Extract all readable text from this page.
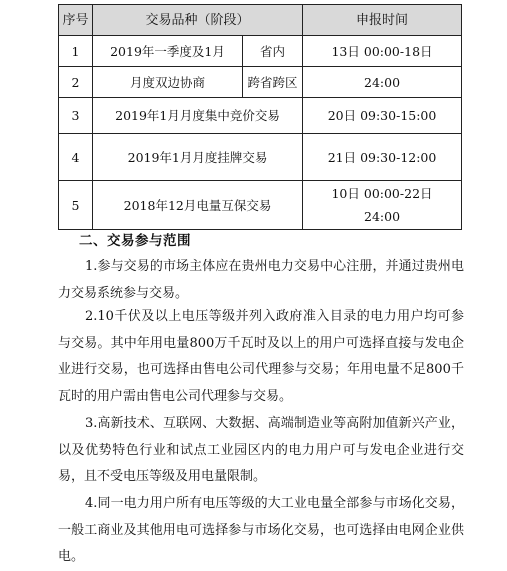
序号	交易品种（阶段）		申报时间
1	2019年一季度及1月	省内	13日 00:00-18日
2	月度双边协商	跨省跨区	24:00
3	2019年1月月度集中竞价交易		20日 09:30-15:00
4	2019年1月月度挂牌交易		21日 09:30-12:00
5	2018年12月电量互保交易		10日 00:00-22日
24:00
二、交易参与范围

1.参与交易的市场主体应在贵州电力交易中心注册，并通过贵州电力交易系统参与交易。

2.10千伏及以上电压等级并列入政府准入目录的电力用户均可参与交易。其中年用电量800万千瓦时及以上的用户可选择直接与发电企业进行交易，也可选择由售电公司代理参与交易；年用电量不足800千瓦时的用户需由售电公司代理参与交易。

3.高新技术、互联网、大数据、高端制造业等高附加值新兴产业，以及优势特色行业和试点工业园区内的电力用户可与发电企业进行交易，且不受电压等级及用电量限制。

4.同一电力用户所有电压等级的大工业电量全部参与市场化交易，一般工商业及其他用电可选择参与市场化交易，也可选择由电网企业供电。
